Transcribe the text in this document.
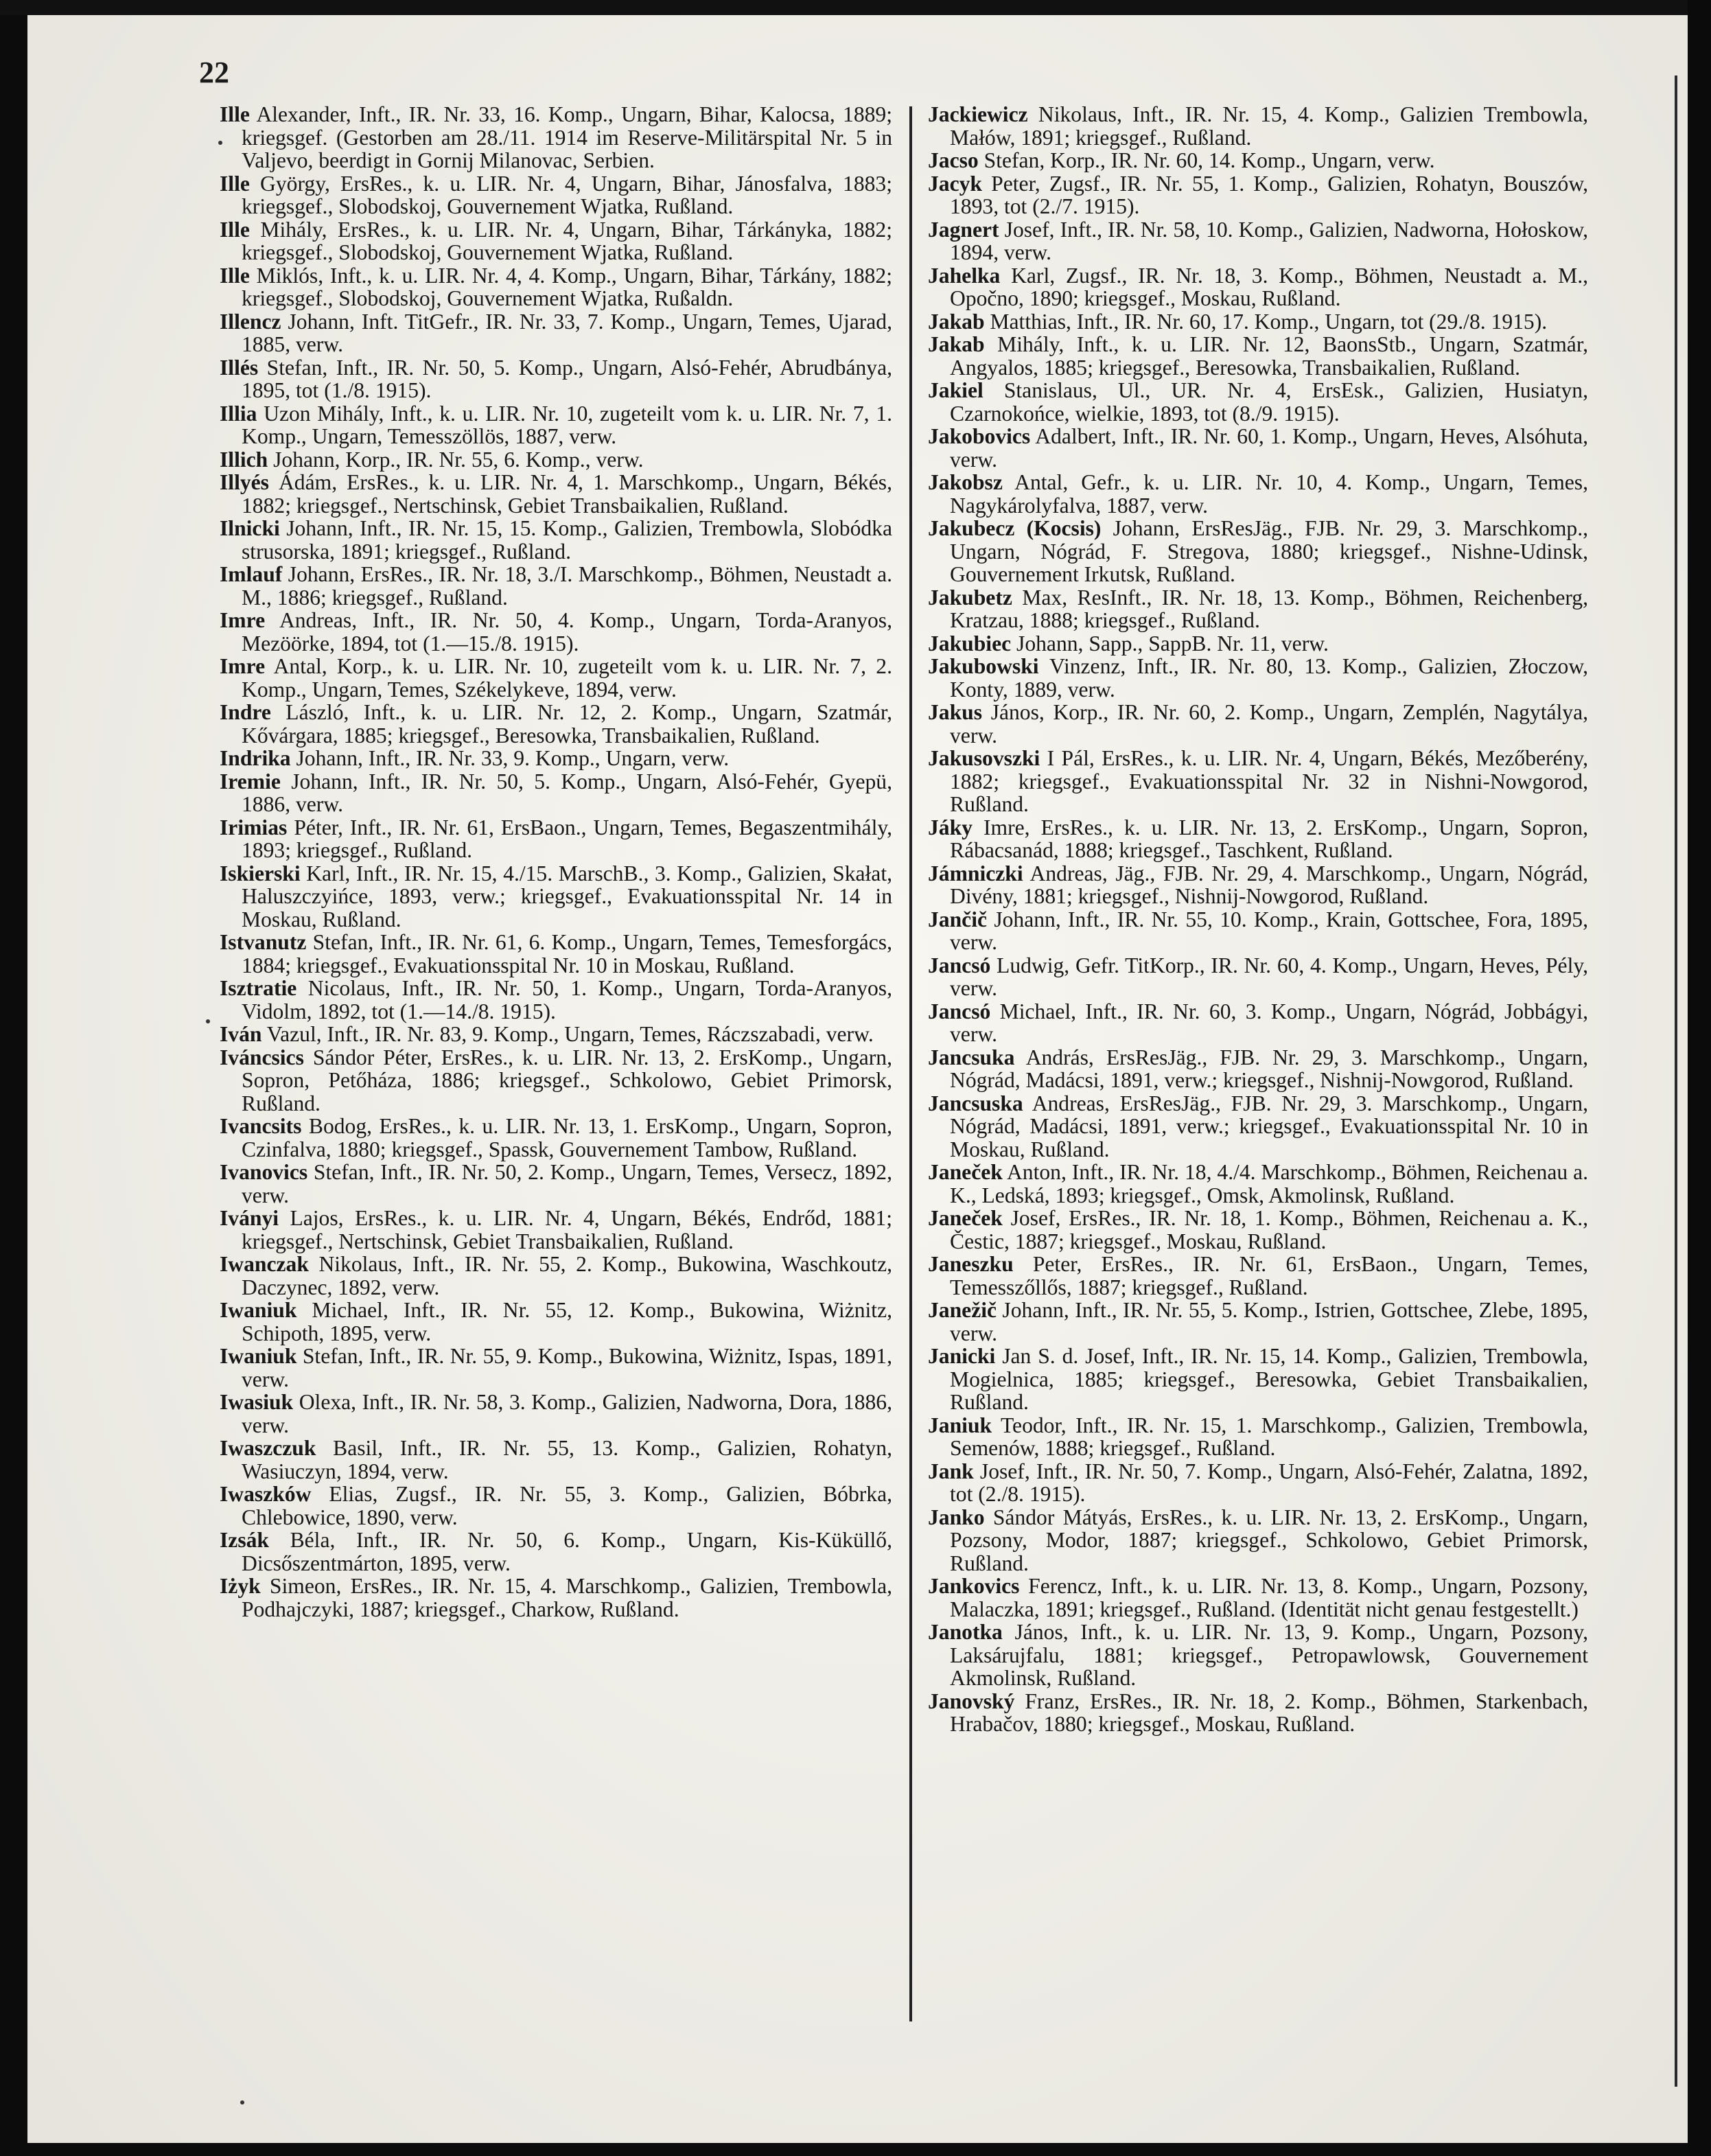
22

Ille Alexander, Inft., IR. Nr. 33, 16. Komp., Ungarn, Bihar, Kalocsa, 1889; kriegsgef. (Gestorben am 28./11. 1914 im Reserve-Militärspital Nr. 5 in Valjevo, beerdigt in Gornij Milanovac, Serbien.

Ille György, ErsRes., k. u. LIR. Nr. 4, Ungarn, Bihar, Jánosfalva, 1883; kriegsgef., Slobodskoj, Gouvernement Wjatka, Rußland.

Ille Mihály, ErsRes., k. u. LIR. Nr. 4, Ungarn, Bihar, Tárkányka, 1882; kriegsgef., Slobodskoj, Gouvernement Wjatka, Rußland.

Ille Miklós, Inft., k. u. LIR. Nr. 4, 4. Komp., Ungarn, Bihar, Tárkány, 1882; kriegsgef., Slobodskoj, Gouvernement Wjatka, Rußaldn.

Illencz Johann, Inft. TitGefr., IR. Nr. 33, 7. Komp., Ungarn, Temes, Ujarad, 1885, verw.

Illés Stefan, Inft., IR. Nr. 50, 5. Komp., Ungarn, Alsó-Fehér, Abrudbánya, 1895, tot (1./8. 1915).

Illia Uzon Mihály, Inft., k. u. LIR. Nr. 10, zugeteilt vom k. u. LIR. Nr. 7, 1. Komp., Ungarn, Temesszöllös, 1887, verw.

Illich Johann, Korp., IR. Nr. 55, 6. Komp., verw.

Illyés Ádám, ErsRes., k. u. LIR. Nr. 4, 1. Marschkomp., Ungarn, Békés, 1882; kriegsgef., Nertschinsk, Gebiet Transbaikalien, Rußland.

Ilnicki Johann, Inft., IR. Nr. 15, 15. Komp., Galizien, Trembowla, Slobódka strusorska, 1891; kriegsgef., Rußland.

Imlauf Johann, ErsRes., IR. Nr. 18, 3./I. Marschkomp., Böhmen, Neustadt a. M., 1886; kriegsgef., Rußland.

Imre Andreas, Inft., IR. Nr. 50, 4. Komp., Ungarn, Torda-Aranyos, Mezöörke, 1894, tot (1.—15./8. 1915).

Imre Antal, Korp., k. u. LIR. Nr. 10, zugeteilt vom k. u. LIR. Nr. 7, 2. Komp., Ungarn, Temes, Székelykeve, 1894, verw.

Indre László, Inft., k. u. LIR. Nr. 12, 2. Komp., Ungarn, Szatmár, Kővárgara, 1885; kriegsgef., Beresowka, Transbaikalien, Rußland.

Indrika Johann, Inft., IR. Nr. 33, 9. Komp., Ungarn, verw.

Iremie Johann, Inft., IR. Nr. 50, 5. Komp., Ungarn, Alsó-Fehér, Gyepü, 1886, verw.

Irimias Péter, Inft., IR. Nr. 61, ErsBaon., Ungarn, Temes, Begaszentmihály, 1893; kriegsgef., Rußland.

Iskierski Karl, Inft., IR. Nr. 15, 4./15. MarschB., 3. Komp., Galizien, Skałat, Haluszczyińce, 1893, verw.; kriegsgef., Evakuationsspital Nr. 14 in Moskau, Rußland.

Istvanutz Stefan, Inft., IR. Nr. 61, 6. Komp., Ungarn, Temes, Temesforgács, 1884; kriegsgef., Evakuationsspital Nr. 10 in Moskau, Rußland.

Isztratie Nicolaus, Inft., IR. Nr. 50, 1. Komp., Ungarn, Torda-Aranyos, Vidolm, 1892, tot (1.—14./8. 1915).

Iván Vazul, Inft., IR. Nr. 83, 9. Komp., Ungarn, Temes, Ráczszabadi, verw.

Iváncsics Sándor Péter, ErsRes., k. u. LIR. Nr. 13, 2. ErsKomp., Ungarn, Sopron, Petőháza, 1886; kriegsgef., Schkolowo, Gebiet Primorsk, Rußland.

Ivancsits Bodog, ErsRes., k. u. LIR. Nr. 13, 1. ErsKomp., Ungarn, Sopron, Czinfalva, 1880; kriegsgef., Spassk, Gouvernement Tambow, Rußland.

Ivanovics Stefan, Inft., IR. Nr. 50, 2. Komp., Ungarn, Temes, Versecz, 1892, verw.

Iványi Lajos, ErsRes., k. u. LIR. Nr. 4, Ungarn, Békés, Endrőd, 1881; kriegsgef., Nertschinsk, Gebiet Transbaikalien, Rußland.

Iwanczak Nikolaus, Inft., IR. Nr. 55, 2. Komp., Bukowina, Waschkoutz, Daczynec, 1892, verw.

Iwaniuk Michael, Inft., IR. Nr. 55, 12. Komp., Bukowina, Wiżnitz, Schipoth, 1895, verw.

Iwaniuk Stefan, Inft., IR. Nr. 55, 9. Komp., Bukowina, Wiżnitz, Ispas, 1891, verw.

Iwasiuk Olexa, Inft., IR. Nr. 58, 3. Komp., Galizien, Nadworna, Dora, 1886, verw.

Iwaszczuk Basil, Inft., IR. Nr. 55, 13. Komp., Galizien, Rohatyn, Wasiuczyn, 1894, verw.

Iwaszków Elias, Zugsf., IR. Nr. 55, 3. Komp., Galizien, Bóbrka, Chlebowice, 1890, verw.

Izsák Béla, Inft., IR. Nr. 50, 6. Komp., Ungarn, Kis-Küküllő, Dicsőszentmárton, 1895, verw.

Iżyk Simeon, ErsRes., IR. Nr. 15, 4. Marschkomp., Galizien, Trembowla, Podhajczyki, 1887; kriegsgef., Charkow, Rußland.

Jackiewicz Nikolaus, Inft., IR. Nr. 15, 4. Komp., Galizien Trembowla, Małów, 1891; kriegsgef., Rußland.

Jacso Stefan, Korp., IR. Nr. 60, 14. Komp., Ungarn, verw.

Jacyk Peter, Zugsf., IR. Nr. 55, 1. Komp., Galizien, Rohatyn, Bouszów, 1893, tot (2./7. 1915).

Jagnert Josef, Inft., IR. Nr. 58, 10. Komp., Galizien, Nadworna, Hołoskow, 1894, verw.

Jahelka Karl, Zugsf., IR. Nr. 18, 3. Komp., Böhmen, Neustadt a. M., Opočno, 1890; kriegsgef., Moskau, Rußland.

Jakab Matthias, Inft., IR. Nr. 60, 17. Komp., Ungarn, tot (29./8. 1915).

Jakab Mihály, Inft., k. u. LIR. Nr. 12, BaonsStb., Ungarn, Szatmár, Angyalos, 1885; kriegsgef., Beresowka, Transbaikalien, Rußland.

Jakiel Stanislaus, Ul., UR. Nr. 4, ErsEsk., Galizien, Husiatyn, Czarnokońce, wielkie, 1893, tot (8./9. 1915).

Jakobovics Adalbert, Inft., IR. Nr. 60, 1. Komp., Ungarn, Heves, Alsóhuta, verw.

Jakobsz Antal, Gefr., k. u. LIR. Nr. 10, 4. Komp., Ungarn, Temes, Nagykárolyfalva, 1887, verw.

Jakubecz (Kocsis) Johann, ErsResJäg., FJB. Nr. 29, 3. Marschkomp., Ungarn, Nógrád, F. Stregova, 1880; kriegsgef., Nishne-Udinsk, Gouvernement Irkutsk, Rußland.

Jakubetz Max, ResInft., IR. Nr. 18, 13. Komp., Böhmen, Reichenberg, Kratzau, 1888; kriegsgef., Rußland.

Jakubiec Johann, Sapp., SappB. Nr. 11, verw.

Jakubowski Vinzenz, Inft., IR. Nr. 80, 13. Komp., Galizien, Złoczow, Konty, 1889, verw.

Jakus János, Korp., IR. Nr. 60, 2. Komp., Ungarn, Zemplén, Nagytálya, verw.

Jakusovszki I Pál, ErsRes., k. u. LIR. Nr. 4, Ungarn, Békés, Mezőberény, 1882; kriegsgef., Evakuationsspital Nr. 32 in Nishni-Nowgorod, Rußland.

Jáky Imre, ErsRes., k. u. LIR. Nr. 13, 2. ErsKomp., Ungarn, Sopron, Rábacsanád, 1888; kriegsgef., Taschkent, Rußland.

Jámniczki Andreas, Jäg., FJB. Nr. 29, 4. Marschkomp., Ungarn, Nógrád, Divény, 1881; kriegsgef., Nishnij-Nowgorod, Rußland.

Jančič Johann, Inft., IR. Nr. 55, 10. Komp., Krain, Gottschee, Fora, 1895, verw.

Jancsó Ludwig, Gefr. TitKorp., IR. Nr. 60, 4. Komp., Ungarn, Heves, Pély, verw.

Jancsó Michael, Inft., IR. Nr. 60, 3. Komp., Ungarn, Nógrád, Jobbágyi, verw.

Jancsuka András, ErsResJäg., FJB. Nr. 29, 3. Marschkomp., Ungarn, Nógrád, Madácsi, 1891, verw.; kriegsgef., Nishnij-Nowgorod, Rußland.

Jancsuska Andreas, ErsResJäg., FJB. Nr. 29, 3. Marschkomp., Ungarn, Nógrád, Madácsi, 1891, verw.; kriegsgef., Evakuationsspital Nr. 10 in Moskau, Rußland.

Janeček Anton, Inft., IR. Nr. 18, 4./4. Marschkomp., Böhmen, Reichenau a. K., Ledská, 1893; kriegsgef., Omsk, Akmolinsk, Rußland.

Janeček Josef, ErsRes., IR. Nr. 18, 1. Komp., Böhmen, Reichenau a. K., Čestic, 1887; kriegsgef., Moskau, Rußland.

Janeszku Peter, ErsRes., IR. Nr. 61, ErsBaon., Ungarn, Temes, Temesszőllős, 1887; kriegsgef., Rußland.

Janežič Johann, Inft., IR. Nr. 55, 5. Komp., Istrien, Gottschee, Zlebe, 1895, verw.

Janicki Jan S. d. Josef, Inft., IR. Nr. 15, 14. Komp., Galizien, Trembowla, Mogielnica, 1885; kriegsgef., Beresowka, Gebiet Transbaikalien, Rußland.

Janiuk Teodor, Inft., IR. Nr. 15, 1. Marschkomp., Galizien, Trembowla, Semenów, 1888; kriegsgef., Rußland.

Jank Josef, Inft., IR. Nr. 50, 7. Komp., Ungarn, Alsó-Fehér, Zalatna, 1892, tot (2./8. 1915).

Janko Sándor Mátyás, ErsRes., k. u. LIR. Nr. 13, 2. ErsKomp., Ungarn, Pozsony, Modor, 1887; kriegsgef., Schkolowo, Gebiet Primorsk, Rußland.

Jankovics Ferencz, Inft., k. u. LIR. Nr. 13, 8. Komp., Ungarn, Pozsony, Malaczka, 1891; kriegsgef., Rußland. (Identität nicht genau festgestellt.)

Janotka János, Inft., k. u. LIR. Nr. 13, 9. Komp., Ungarn, Pozsony, Laksárujfalu, 1881; kriegsgef., Petropawlowsk, Gouvernement Akmolinsk, Rußland.

Janovský Franz, ErsRes., IR. Nr. 18, 2. Komp., Böhmen, Starkenbach, Hrabačov, 1880; kriegsgef., Moskau, Rußland.
